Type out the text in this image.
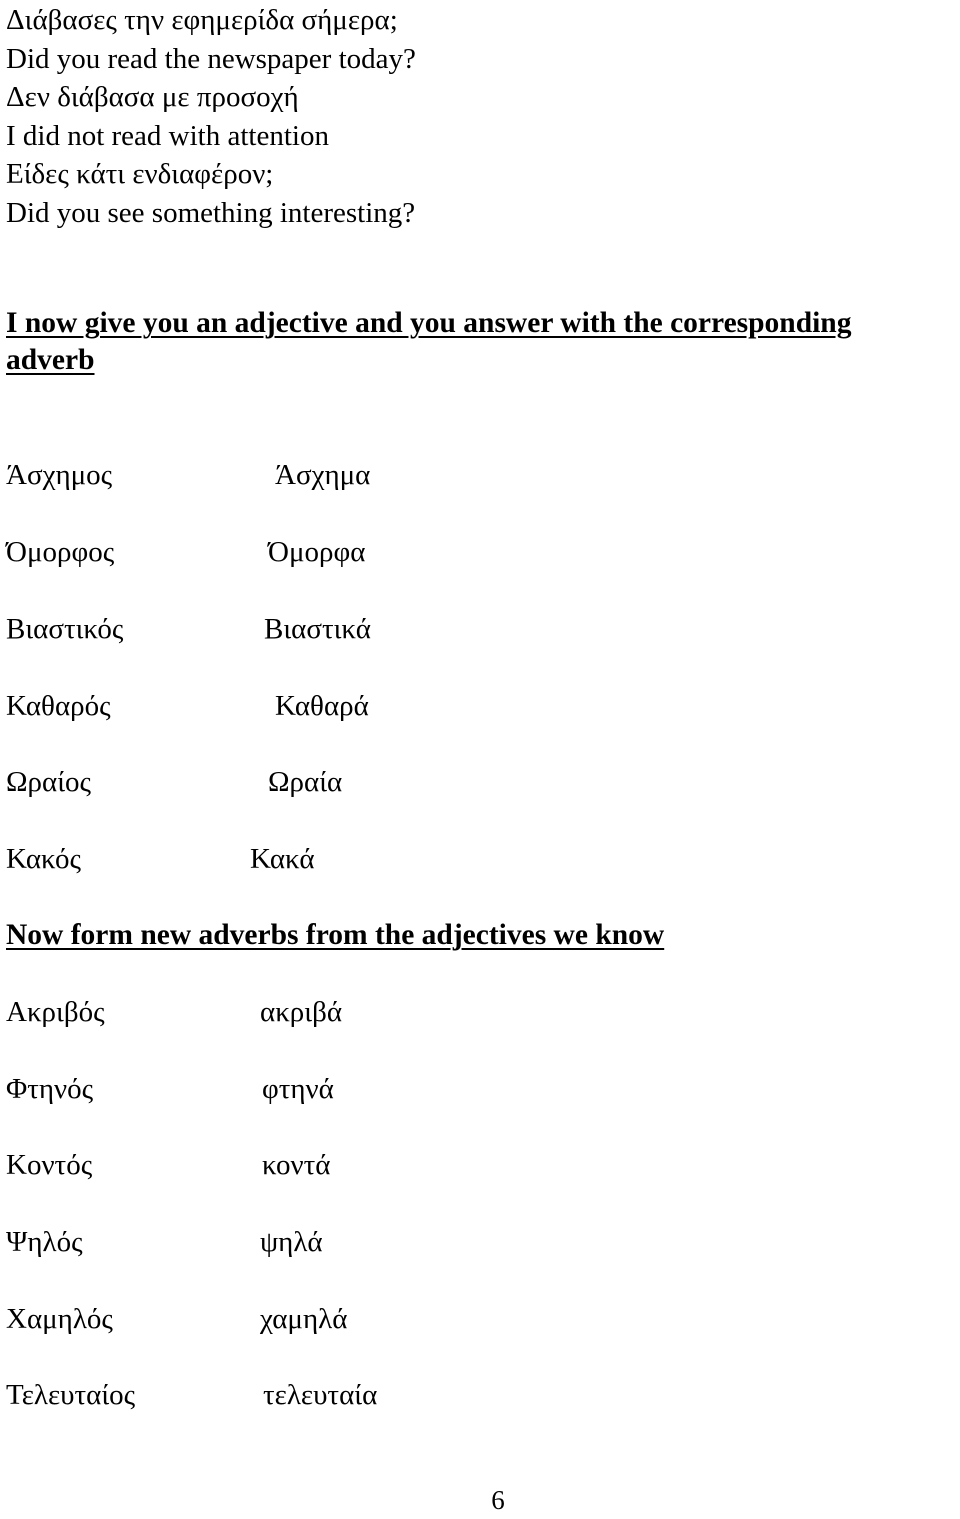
Διάβασες την εφημερίδα σήμερα;
Did you read the newspaper today?
Δεν διάβασα με προσοχή
I did not read with attention
Είδες κάτι ενδιαφέρον;
Did you see something interesting?
I now give you an adjective and you answer with the corresponding
adverb
Άσχημος	Άσχημα
Όμορφος	Όμορφα
Βιαστικός	Βιαστικά
Καθαρός	Καθαρά
Ωραίος	Ωραία
Κακός	Κακά
Now form new adverbs from the adjectives we know
Ακριβός	ακριβά
Φτηνός	φτηνά
Κοντός	κοντά
Ψηλός	ψηλά
Χαμηλός	χαμηλά
Τελευταίος	τελευταία
6
